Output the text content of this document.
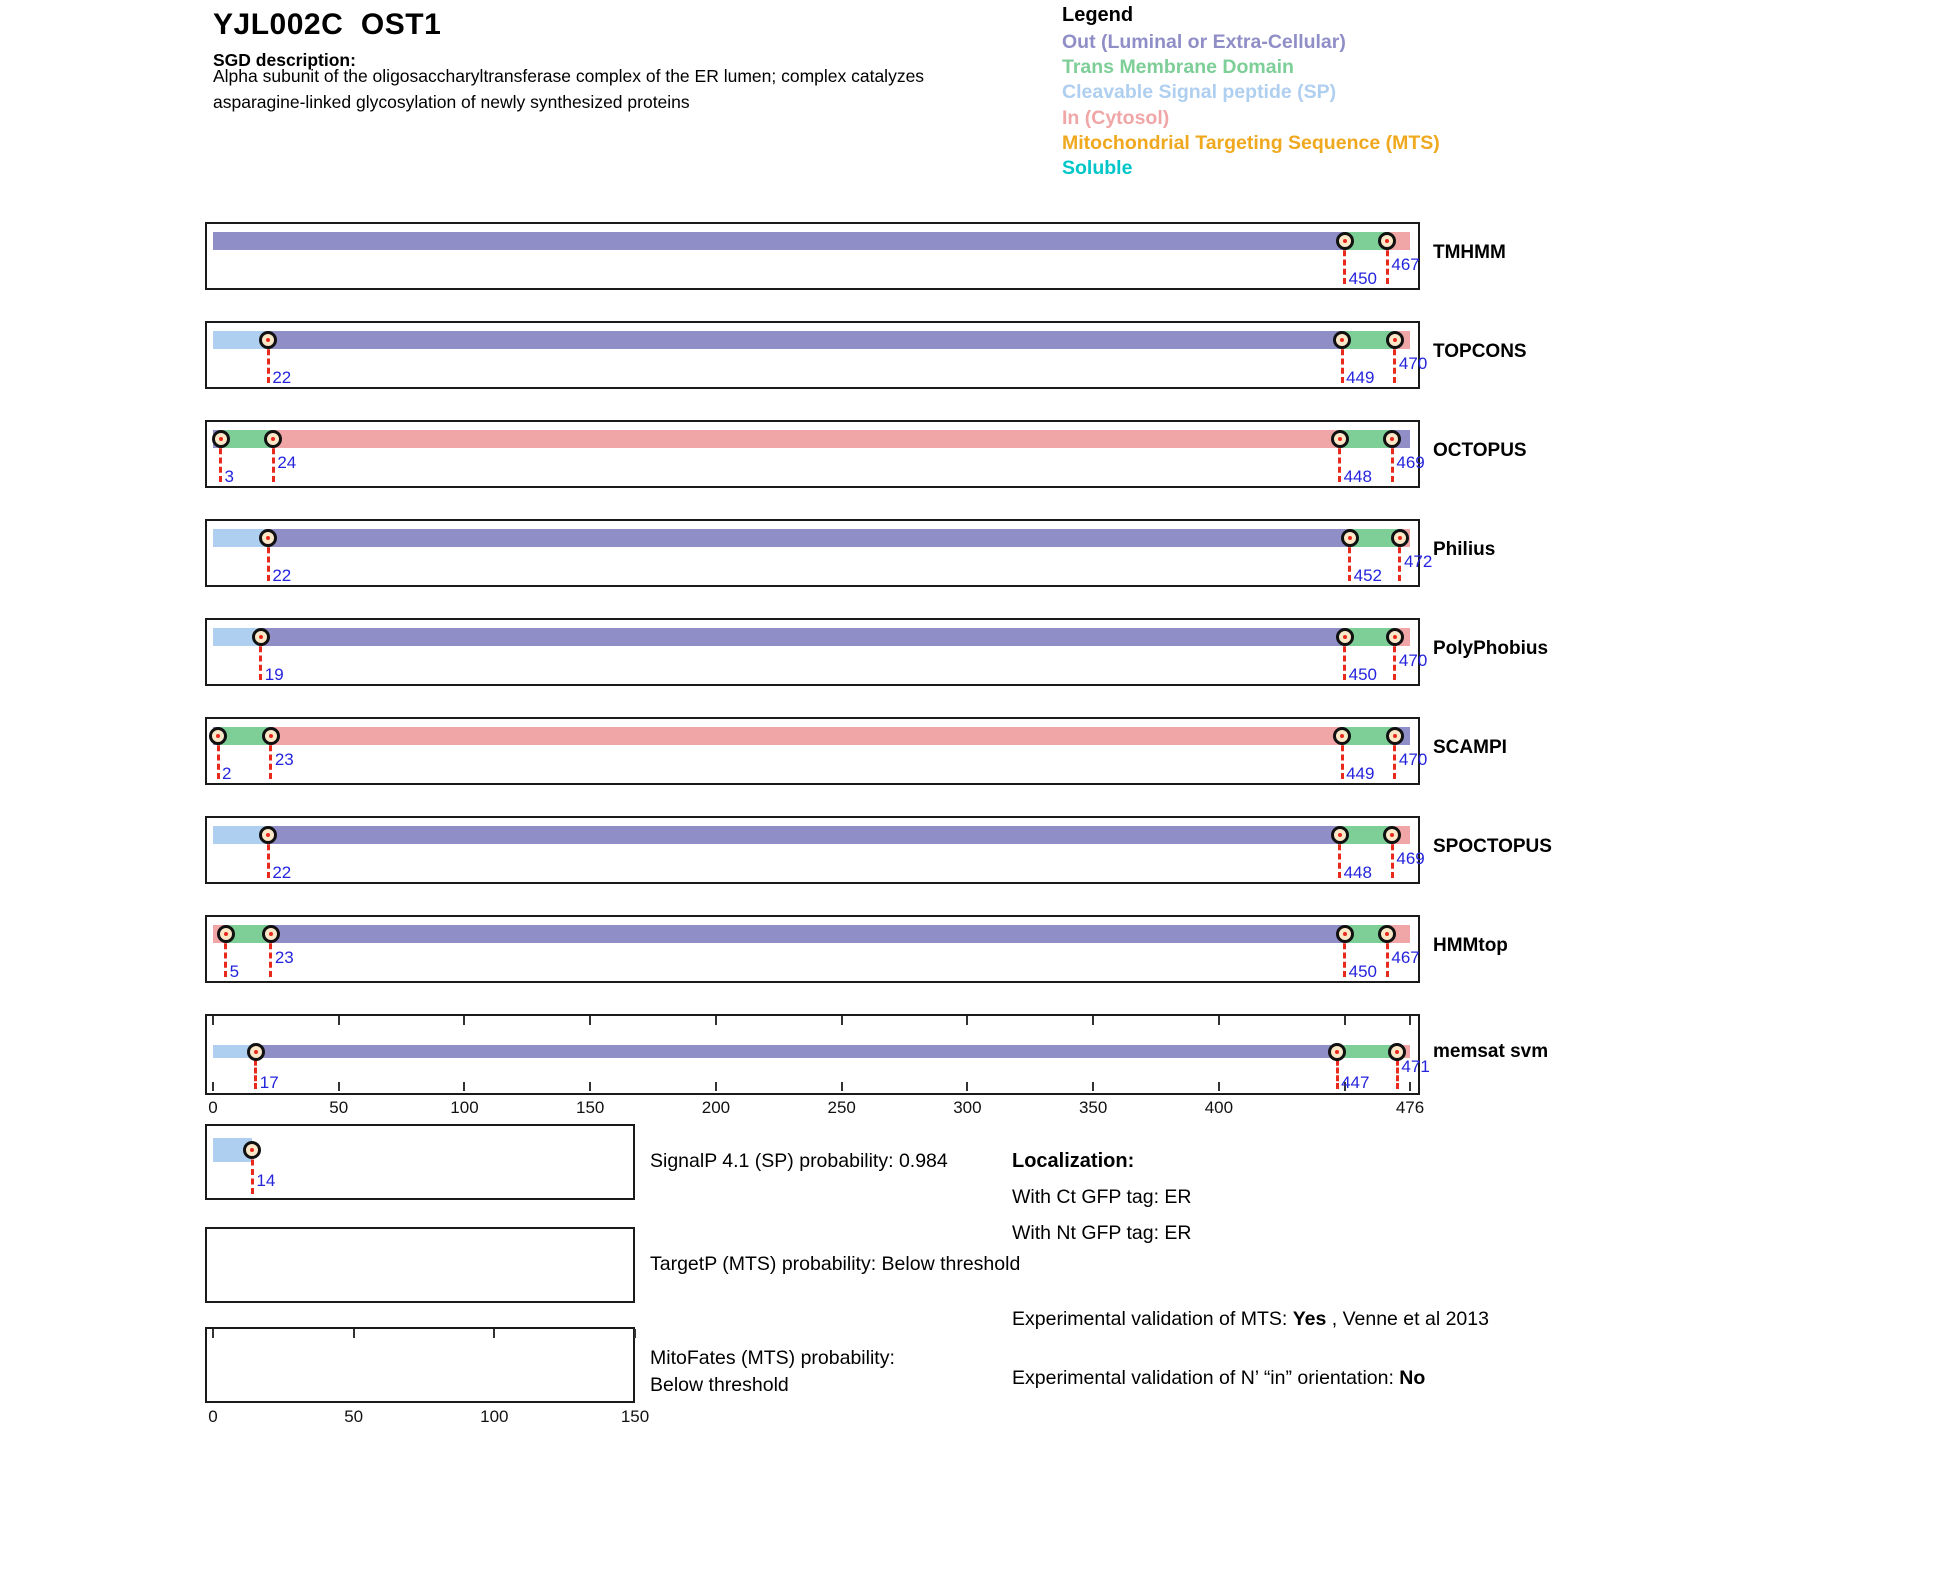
YJL002C  OST1
SGD description:
Alpha subunit of the oligosaccharyltransferase complex of the ER lumen; complex catalyzes
asparagine-linked glycosylation of newly synthesized proteins
Legend
Out (Luminal or Extra-Cellular)
Trans Membrane Domain
Cleavable Signal peptide (SP)
In (Cytosol)
Mitochondrial Targeting Sequence (MTS)
Soluble
450
467
TMHMM
22	449
470
TOPCONS
3
24
448
469
OCTOPUS
22	452
472
Philius
19	450
470
PolyPhobius
2
23
449
470
SCAMPI
22	448
469
SPOCTOPUS
5
23
450
467
HMMtop
17	447
471
memsat svm
0	50	100	150	200	250	300	350	400	476
14
SignalP 4.1 (SP) probability: 0.984
TargetP (MTS) probability: Below threshold
0	50	100	150
MitoFates (MTS) probability: Below threshold
Localization:
With Ct GFP tag: ER
With Nt GFP tag: ER
Experimental validation of MTS: Yes , Venne et al 2013
Experimental validation of N’ “in” orientation: No
